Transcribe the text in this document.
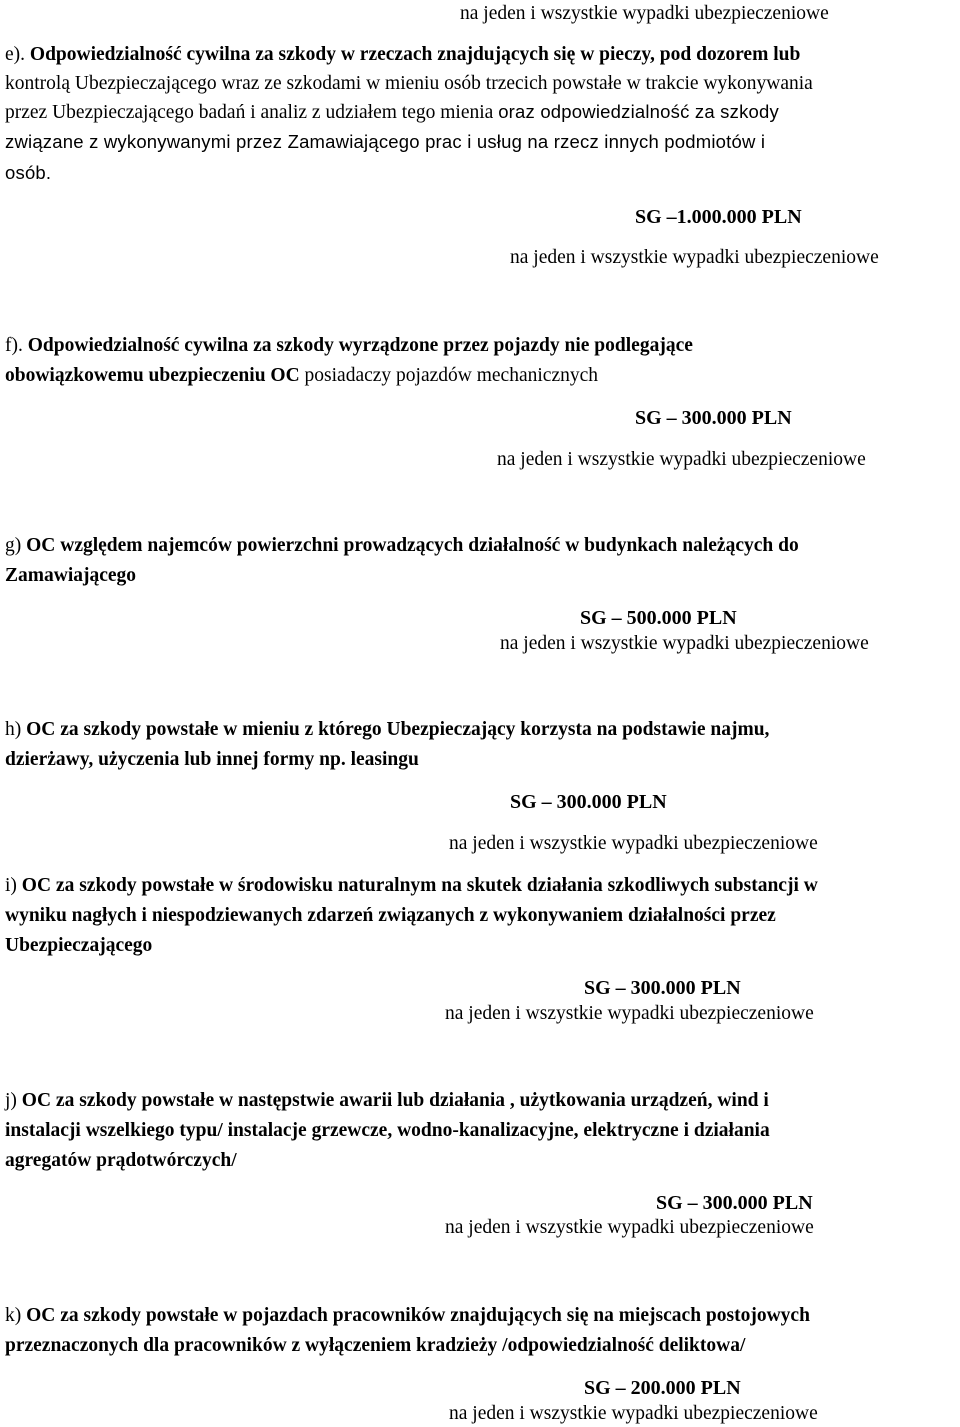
na jeden i wszystkie wypadki ubezpieczeniowe
e). Odpowiedzialność cywilna za szkody w rzeczach znajdujących się w pieczy, pod dozorem lub
kontrolą Ubezpieczającego wraz ze szkodami w mieniu osób trzecich powstałe w trakcie wykonywania
przez Ubezpieczającego badań i analiz z udziałem tego mienia oraz odpowiedzialność za szkody
związane z wykonywanymi przez Zamawiającego prac i usług na rzecz innych podmiotów i
osób.
SG –1.000.000 PLN
na jeden i wszystkie wypadki ubezpieczeniowe
f). Odpowiedzialność cywilna za szkody wyrządzone przez pojazdy nie podlegające
obowiązkowemu ubezpieczeniu OC posiadaczy pojazdów mechanicznych
SG – 300.000 PLN
na jeden i wszystkie wypadki ubezpieczeniowe
g) OC względem najemców powierzchni prowadzących działalność w budynkach należących do
Zamawiającego
SG – 500.000 PLN
na jeden i wszystkie wypadki ubezpieczeniowe
h) OC za szkody powstałe w mieniu z którego Ubezpieczający korzysta na podstawie najmu,
dzierżawy, użyczenia lub innej formy np. leasingu
SG – 300.000 PLN
na jeden i wszystkie wypadki ubezpieczeniowe
i) OC za szkody powstałe w środowisku naturalnym na skutek działania szkodliwych substancji w
wyniku nagłych i niespodziewanych zdarzeń związanych z wykonywaniem działalności przez
Ubezpieczającego
SG – 300.000 PLN
na jeden i wszystkie wypadki ubezpieczeniowe
j) OC za szkody powstałe w następstwie awarii lub działania , użytkowania urządzeń, wind i
instalacji wszelkiego typu/ instalacje grzewcze, wodno-kanalizacyjne, elektryczne i działania
agregatów prądotwórczych/
SG – 300.000 PLN
na jeden i wszystkie wypadki ubezpieczeniowe
k) OC za szkody powstałe w pojazdach pracowników znajdujących się na miejscach postojowych
przeznaczonych dla pracowników z wyłączeniem kradzieży /odpowiedzialność deliktowa/
SG – 200.000 PLN
na jeden i wszystkie wypadki ubezpieczeniowe
